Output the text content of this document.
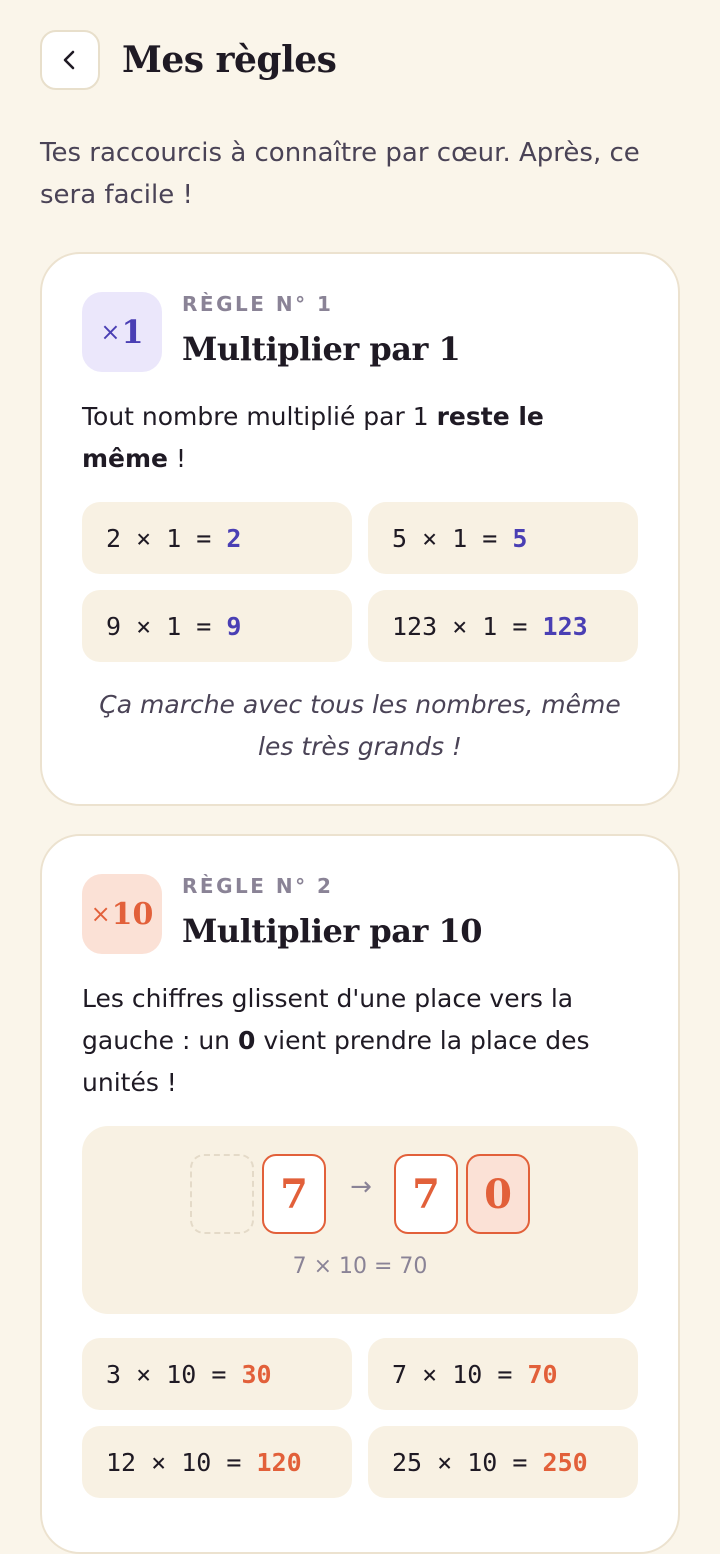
Mes règles
Tes raccourcis à connaître par cœur. Après, ce sera facile !
× 1
RÈGLE N° 1
Multiplier par 1
Tout nombre multiplié par 1 reste le même !
2 × 1 = 2	5 × 1 = 5
9 × 1 = 9	123 × 1 = 123
Ça marche avec tous les nombres, même les très grands !
× 10
RÈGLE N° 2
Multiplier par 10
Les chiffres glissent d'une place vers la gauche : un 0 vient prendre la place des unités !
7	→	7	0
7 × 10 = 70
3 × 10 = 30	7 × 10 = 70
12 × 10 = 120	25 × 10 = 250
